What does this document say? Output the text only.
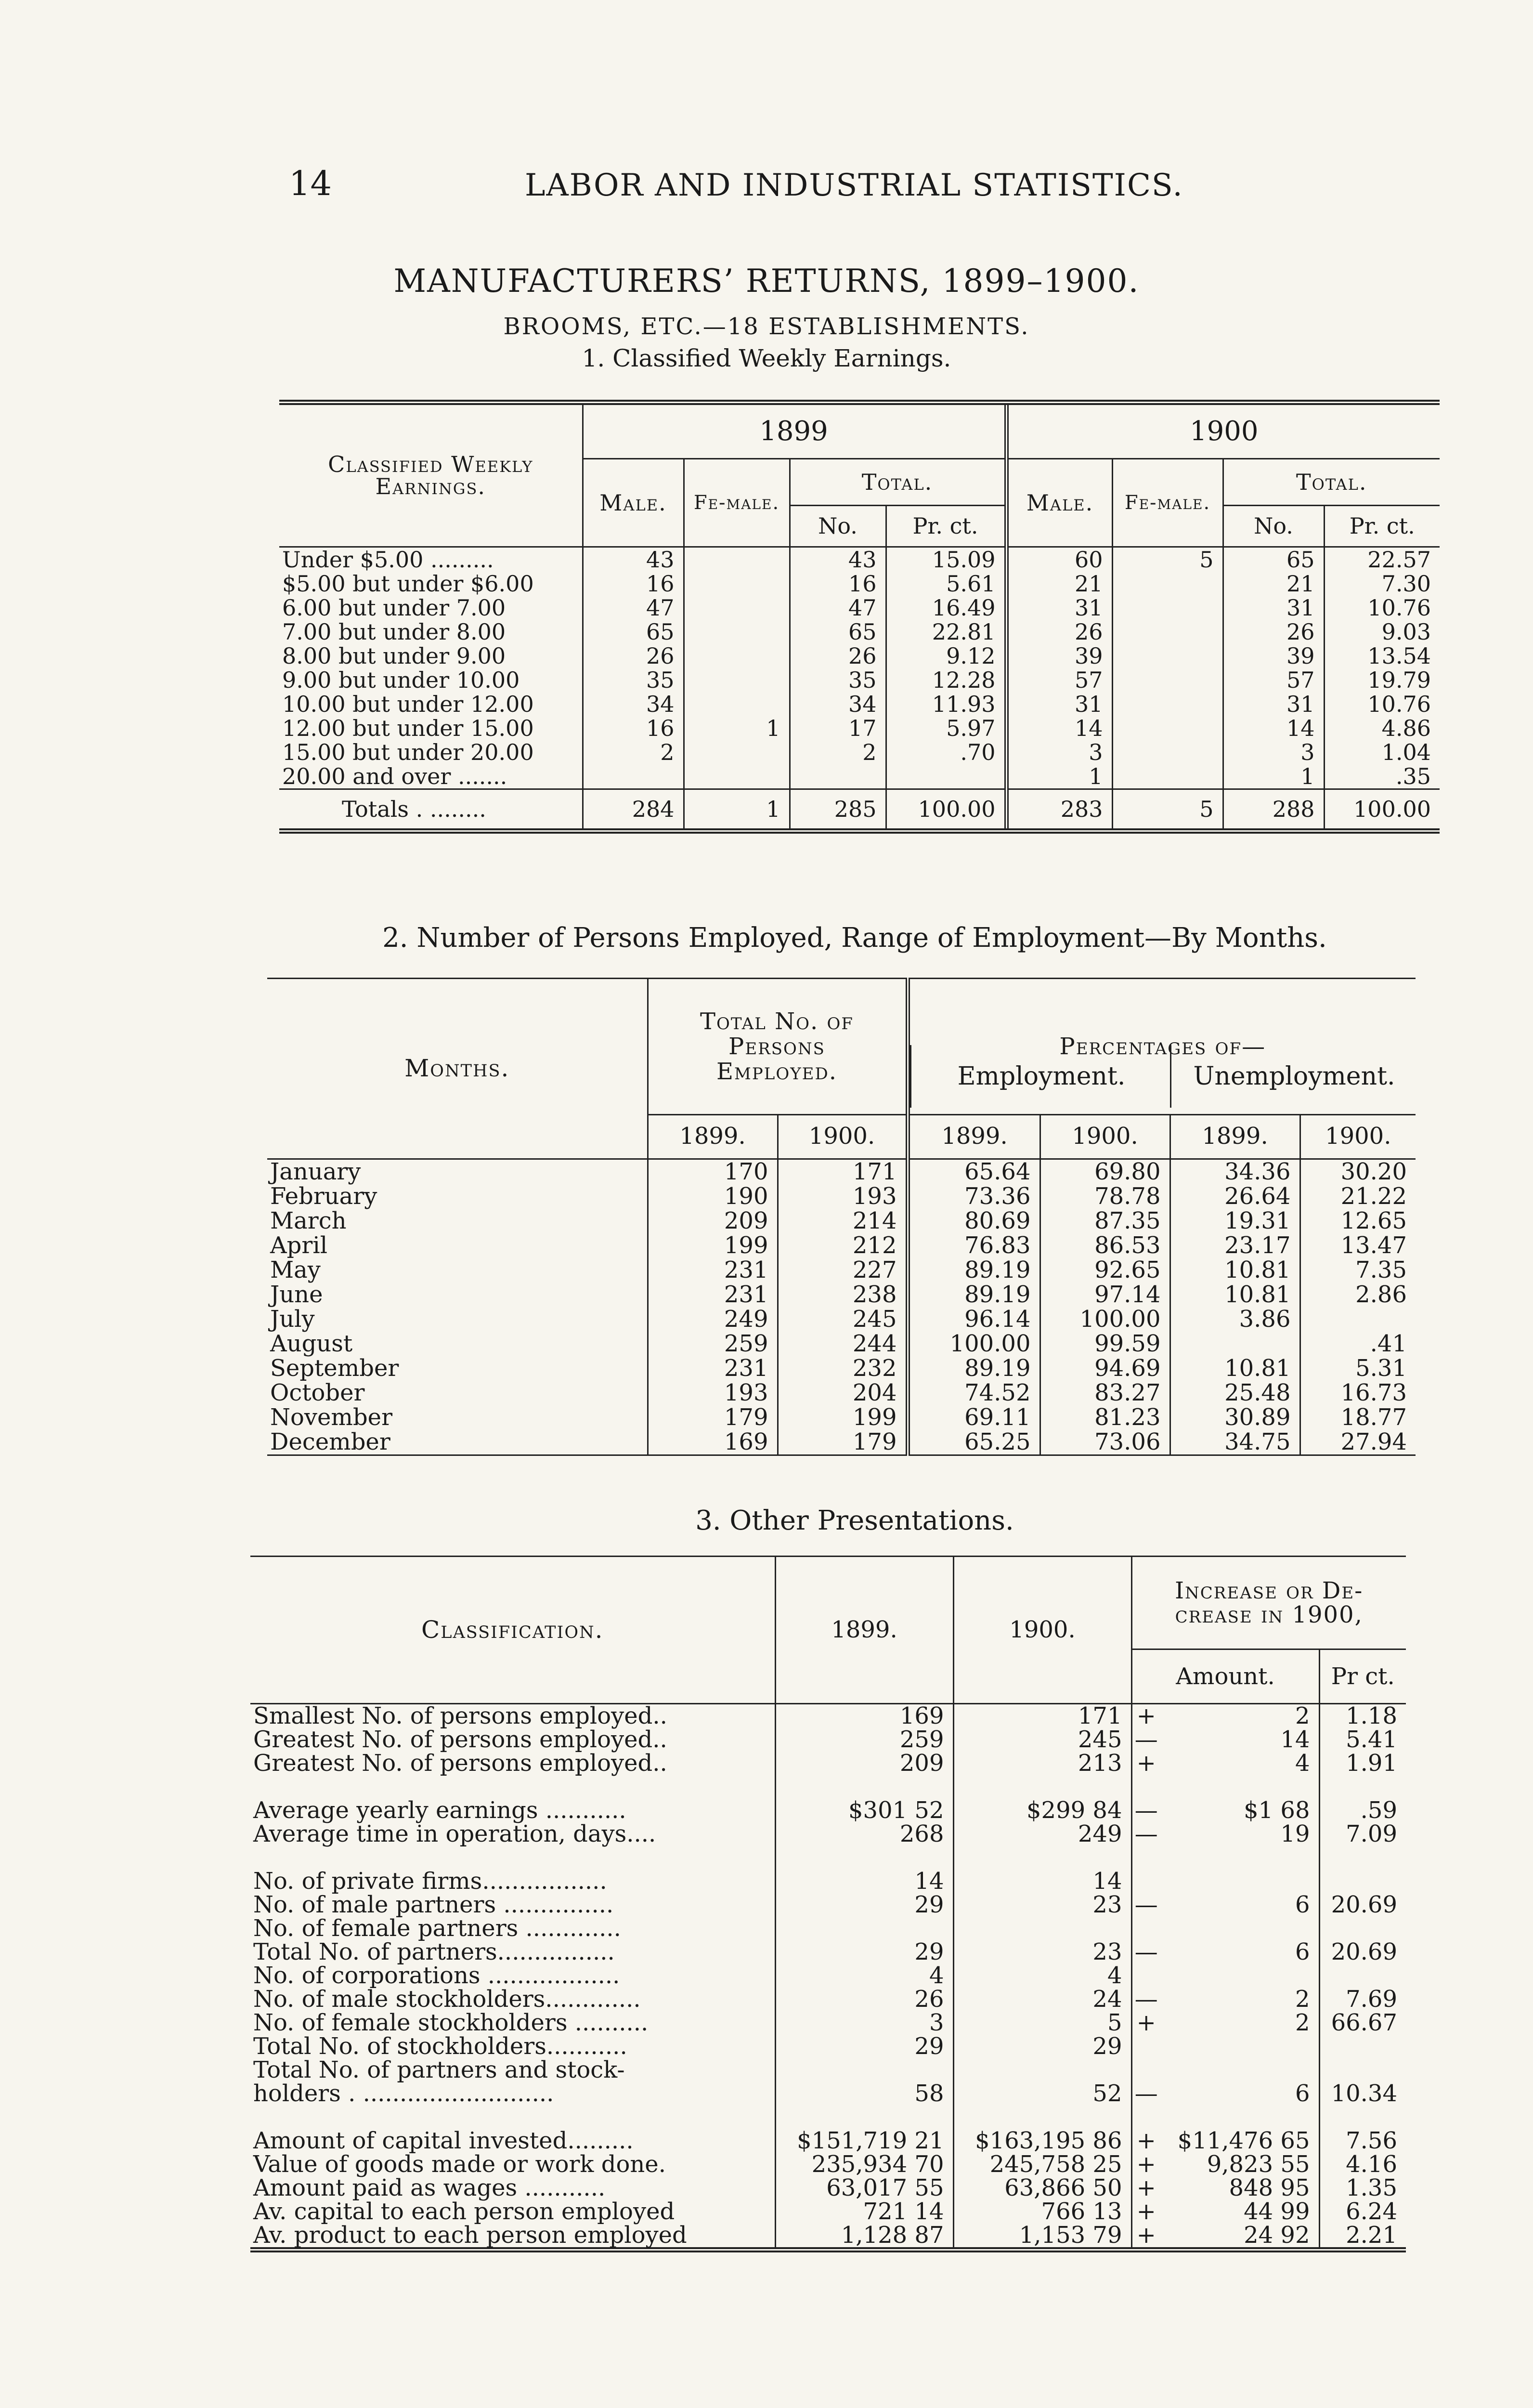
14	LABOR AND INDUSTRIAL STATISTICS.
MANUFACTURERS’ RETURNS, 1899–1900.
BROOMS, ETC.—18 ESTABLISHMENTS.
1. Classified Weekly Earnings.
Classified Weekly Earnings.	1899				1900			
	Male.	Fe-male.	Total.		Male.	Fe-male.	Total.	
			No.	Pr. ct.			No.	Pr. ct.
Under $5.00 .........	43		43	15.09	60	5	65	22.57
$5.00 but under $6.00	16		16	5.61	21		21	7.30
6.00 but under 7.00	47		47	16.49	31		31	10.76
7.00 but under 8.00	65		65	22.81	26		26	9.03
8.00 but under 9.00	26		26	9.12	39		39	13.54
9.00 but under 10.00	35		35	12.28	57		57	19.79
10.00 but under 12.00	34		34	11.93	31		31	10.76
12.00 but under 15.00	16	1	17	5.97	14		14	4.86
15.00 but under 20.00	2		2	.70	3		3	1.04
20.00 and over .......					1		1	.35
Totals . ........	284	1	285	100.00	283	5	288	100.00
2. Number of Persons Employed, Range of Employment—By Months.
Months.	Total No. of Persons Employed.		Percentages of—			

	1899.	1900.	1899.	1900.	1899.	1900.
January	170	171	65.64	69.80	34.36	30.20
February	190	193	73.36	78.78	26.64	21.22
March	209	214	80.69	87.35	19.31	12.65
April	199	212	76.83	86.53	23.17	13.47
May	231	227	89.19	92.65	10.81	7.35
June	231	238	89.19	97.14	10.81	2.86
July	249	245	96.14	100.00	3.86	
August	259	244	100.00	99.59		.41
September	231	232	89.19	94.69	10.81	5.31
October	193	204	74.52	83.27	25.48	16.73
November	179	199	69.11	81.23	30.89	18.77
December	169	179	65.25	73.06	34.75	27.94
Employment.	Unemployment.
3. Other Presentations.
Classification.	1899.	1900.	Increase or De-crease in 1900,		
			Amount.		Pr ct.
Smallest No. of persons employed..	169	171	+	2	1.18
Greatest No. of persons employed..	259	245	—	14	5.41
Greatest No. of persons employed..	209	213	+	4	1.91

Average yearly earnings ...........	$301 52	$299 84	—	$1 68	.59
Average time in operation, days....	268	249	—	19	7.09

No. of private firms.................	14	14			
No. of male partners ...............	29	23	—	6	20.69
No. of female partners .............					
Total No. of partners................	29	23	—	6	20.69
No. of corporations ..................	4	4			
No. of male stockholders.............	26	24	—	2	7.69
No. of female stockholders ..........	3	5	+	2	66.67
Total No. of stockholders...........	29	29			
Total No. of partners and stock-					
holders . ..........................	58	52	—	6	10.34

Amount of capital invested.........	$151,719 21	$163,195 86	+	$11,476 65	7.56
Value of goods made or work done.	235,934 70	245,758 25	+	9,823 55	4.16
Amount paid as wages ...........	63,017 55	63,866 50	+	848 95	1.35
Av. capital to each person employed	721 14	766 13	+	44 99	6.24
Av. product to each person employed	1,128 87	1,153 79	+	24 92	2.21
